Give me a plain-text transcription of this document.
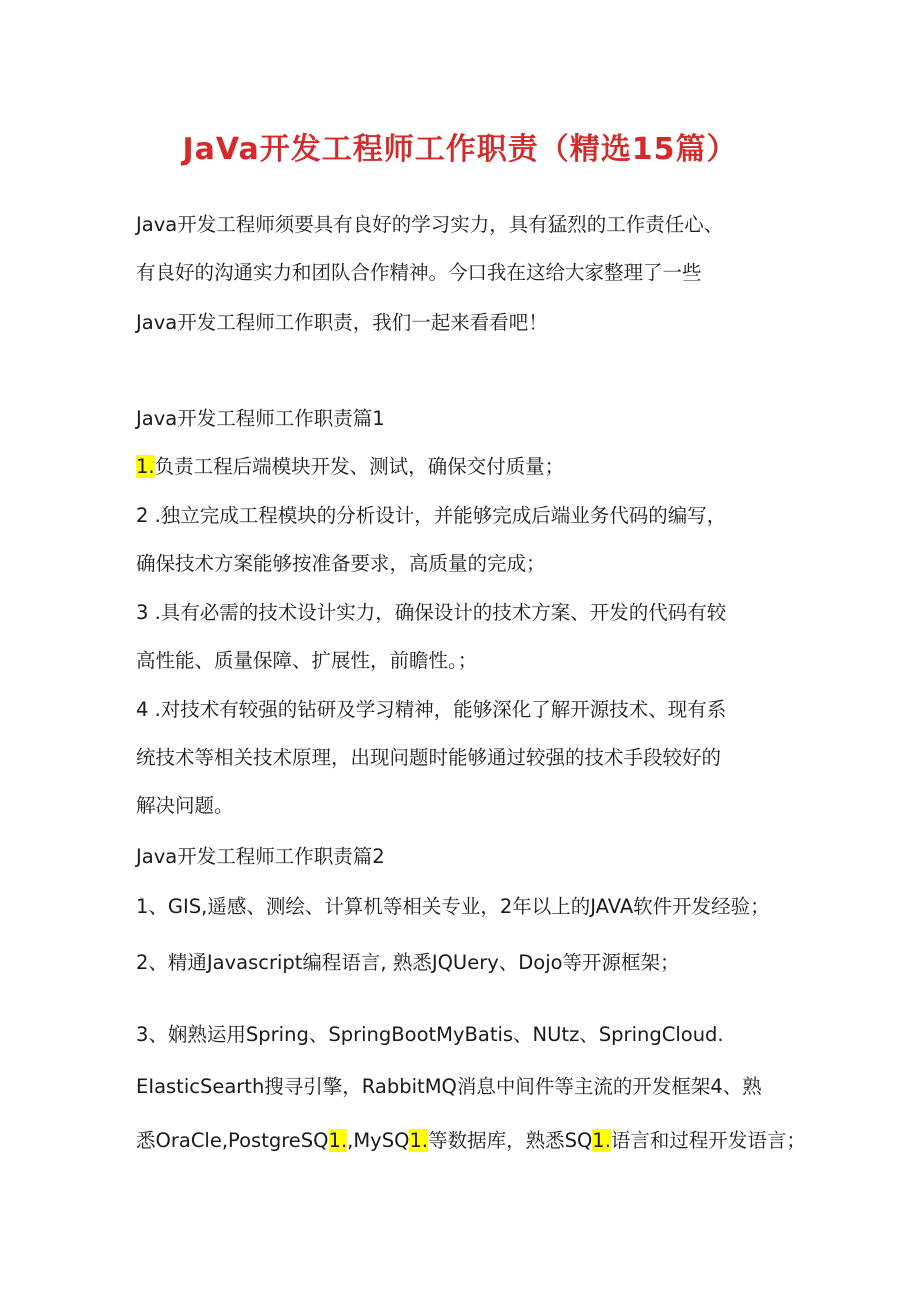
JaVa开发工程师工作职责（精选15篇）
Java开发工程师须要具有良好的学习实力，具有猛烈的工作责任心、
有良好的沟通实力和团队合作精神。今口我在这给大家整理了一些
Java开发工程师工作职责，我们一起来看看吧！
Java开发工程师工作职责篇1
1.负责工程后端模块开发、测试，确保交付质量；
2 .独立完成工程模块的分析设计，并能够完成后端业务代码的编写，
确保技术方案能够按准备要求，高质量的完成；
3 .具有必需的技术设计实力，确保设计的技术方案、开发的代码有较
高性能、质量保障、扩展性，前瞻性。；
4 .对技术有较强的钻研及学习精神，能够深化了解开源技术、现有系
统技术等相关技术原理，出现问题时能够通过较强的技术手段较好的
解决问题。
Java开发工程师工作职责篇2
1、GIS,遥感、测绘、计算机等相关专业，2年以上的JAVA软件开发经验；
2、精通Javascript编程语言, 熟悉JQUery、Dojo等开源框架；
3、娴熟运用Spring、SpringBootMyBatis、NUtz、SpringCloud.
EIasticSearth搜寻引擎，RabbitMQ消息中间件等主流的开发框架4、熟
悉OraCle,PostgreSQ1.,MySQ1.等数据库，熟悉SQ1.语言和过程开发语言；
